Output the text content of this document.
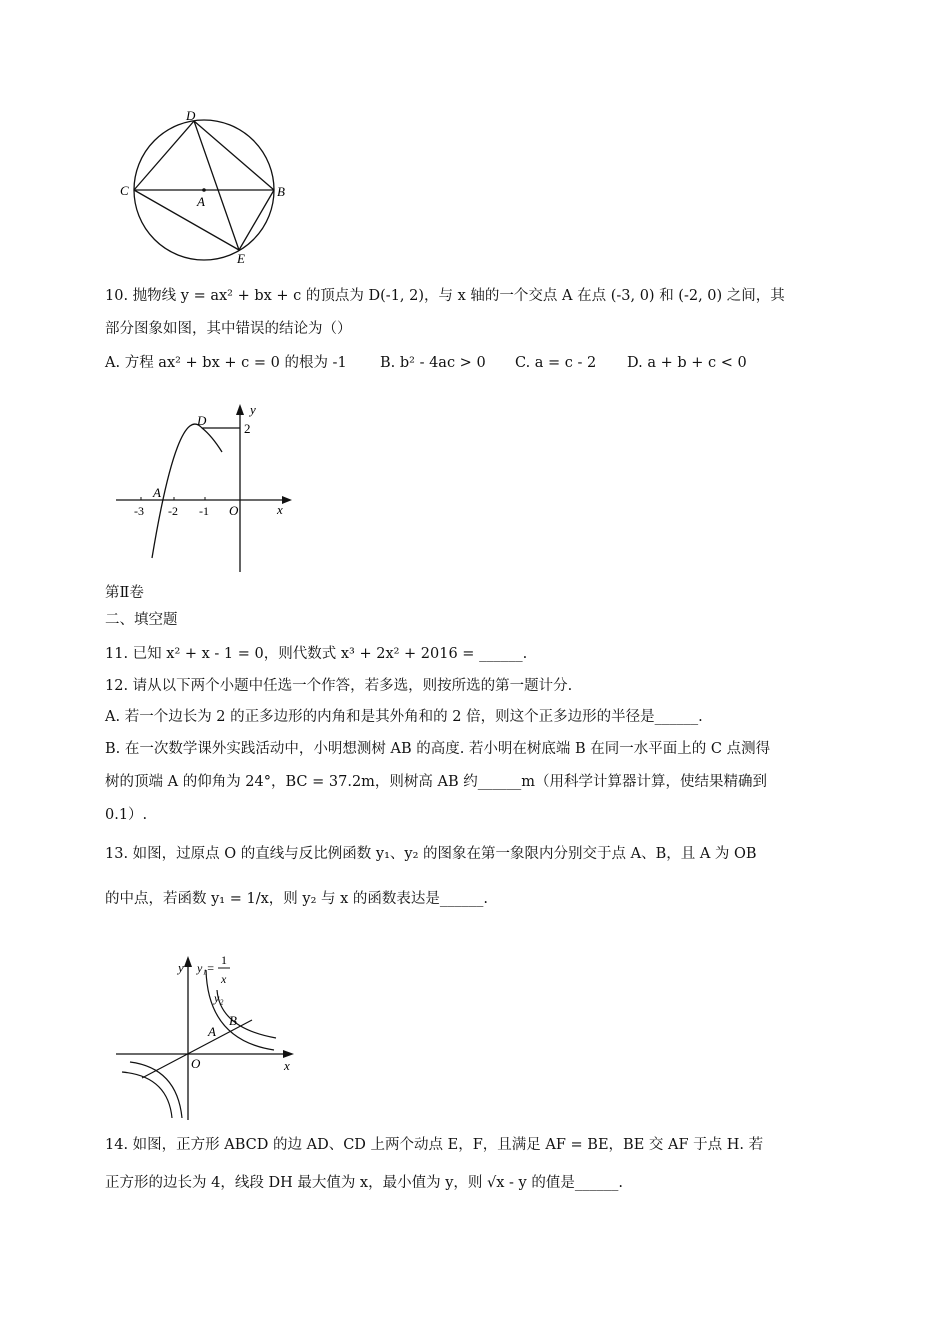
D
C
A
B
E
10. 抛物线 y = ax² + bx + c 的顶点为 D(‑1, 2)，与 x 轴的一个交点 A 在点 (‑3, 0) 和 (‑2, 0) 之间，其
部分图象如图，其中错误的结论为（）
A. 方程 ax² + bx + c = 0 的根为 ‑1 B. b² ‑ 4ac > 0 C. a = c ‑ 2 D. a + b + c < 0
y
D
2
A
-3 -2 -1 O	x
第Ⅱ卷
二、填空题
11. 已知 x² + x ‑ 1 = 0，则代数式 x³ + 2x² + 2016 = ______.
12. 请从以下两个小题中任选一个作答，若多选，则按所选的第一题计分.
A. 若一个边长为 2 的正多边形的内角和是其外角和的 2 倍，则这个正多边形的半径是______.
B. 在一次数学课外实践活动中，小明想测树 AB 的高度. 若小明在树底端 B 在同一水平面上的 C 点测得
树的顶端 A 的仰角为 24°，BC = 37.2m，则树高 AB 约______m（用科学计算器计算，使结果精确到
0.1）.
13. 如图，过原点 O 的直线与反比例函数 y₁、y₂ 的图象在第一象限内分别交于点 A、B，且 A 为 OB
的中点，若函数 y₁ = 1/x，则 y₂ 与 x 的函数表达是______.
y y₁=
1
x
y₂
A
B
O	x
14. 如图，正方形 ABCD 的边 AD、CD 上两个动点 E，F，且满足 AF = BE，BE 交 AF 于点 H. 若
正方形的边长为 4，线段 DH 最大值为 x，最小值为 y，则 √x ‑ y 的值是______.
